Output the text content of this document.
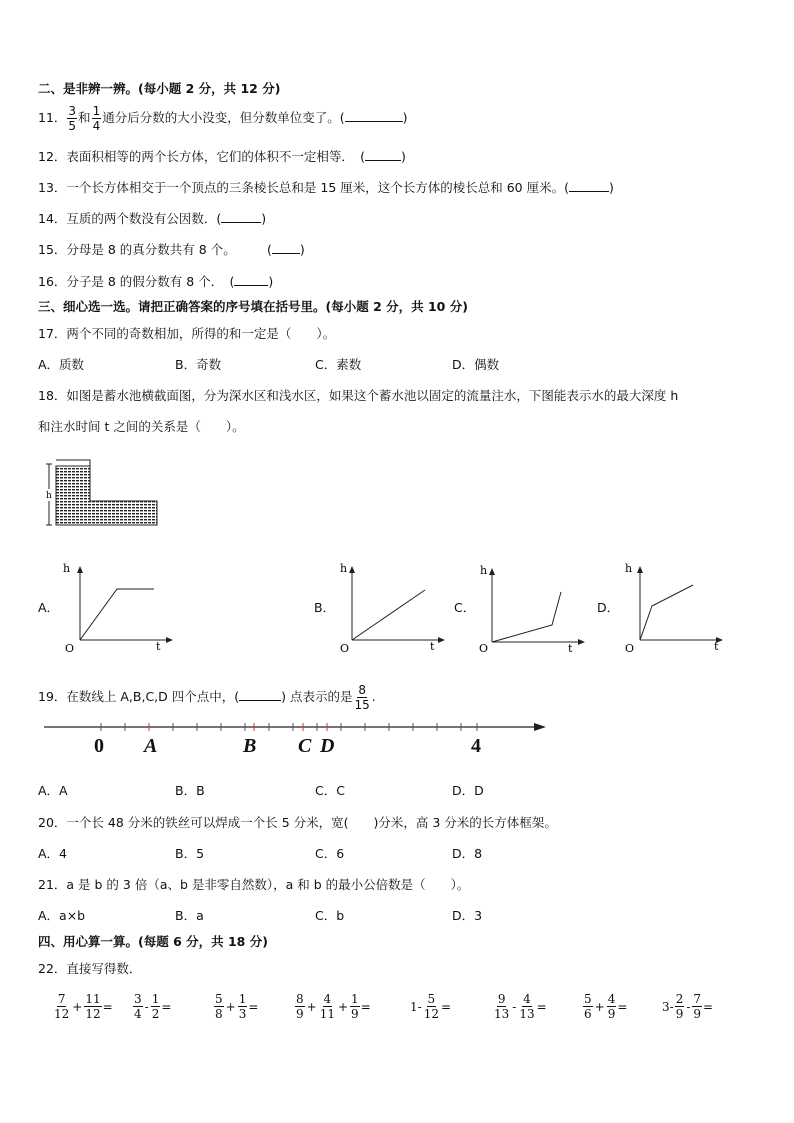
二、是非辨一辨。(每小题 2 分，共 12 分)
11． $\frac{3}{5}$ 和 $\frac{1}{4}$ 通分后分数的大小没变，但分数单位变了。(	)
12．表面积相等的两个长方体，它们的体积不一定相等．　(	)
13．一个长方体相交于一个顶点的三条棱长总和是 15 厘米，这个长方体的棱长总和 60 厘米。(	)
14．互质的两个数没有公因数．(	)
15．分母是 8 的真分数共有 8 个。　　　( )
16．分子是 8 的假分数有 8 个．　(	)
三、细心选一选。请把正确答案的序号填在括号里。(每小题 2 分，共 10 分)
17．两个不同的奇数相加，所得的和一定是（　　）。
A．质数	B．奇数	C．素数	D．偶数
18．如图是蓄水池横截面图，分为深水区和浅水区，如果这个蓄水池以固定的流量注水，下图能表示水的最大深度 h
和注水时间 t 之间的关系是（　　）。
h
A．
h
O	t
B．
h
O	t
C．
h
O	t
D．
h
O	t
19．在数线上 A,B,C,D 四个点中，(	) 点表示的是 $\frac{8}{15}$ .
0 A	B C D	4
A．A	B．B	C．C	D．D
20．一个长 48 分米的铁丝可以焊成一个长 5 分米，宽(　　)分米，高 3 分米的长方体框架。
A．4	B．5	C．6	D．8
21．a 是 b 的 3 倍（a、b 是非零自然数），a 和 b 的最小公倍数是（　　）。
A．a×b	B．a	C．b	D．3
四、用心算一算。(每题 6 分，共 18 分)
22．直接写得数．
$\frac{7}{12} + \frac{11}{12} = \frac{3}{4} - \frac{1}{2}$ =	$\frac{5}{8} + \frac{1}{3}$ =	$\frac{8}{9} + \frac{4}{11} + \frac{1}{9}$ =	$1- \frac{5}{12}$ =	$\frac{9}{13} - \frac{4}{13}$ =	$\frac{5}{6} + \frac{4}{9}$ =	$3- \frac{2}{9} - \frac{7}{9}$ =
